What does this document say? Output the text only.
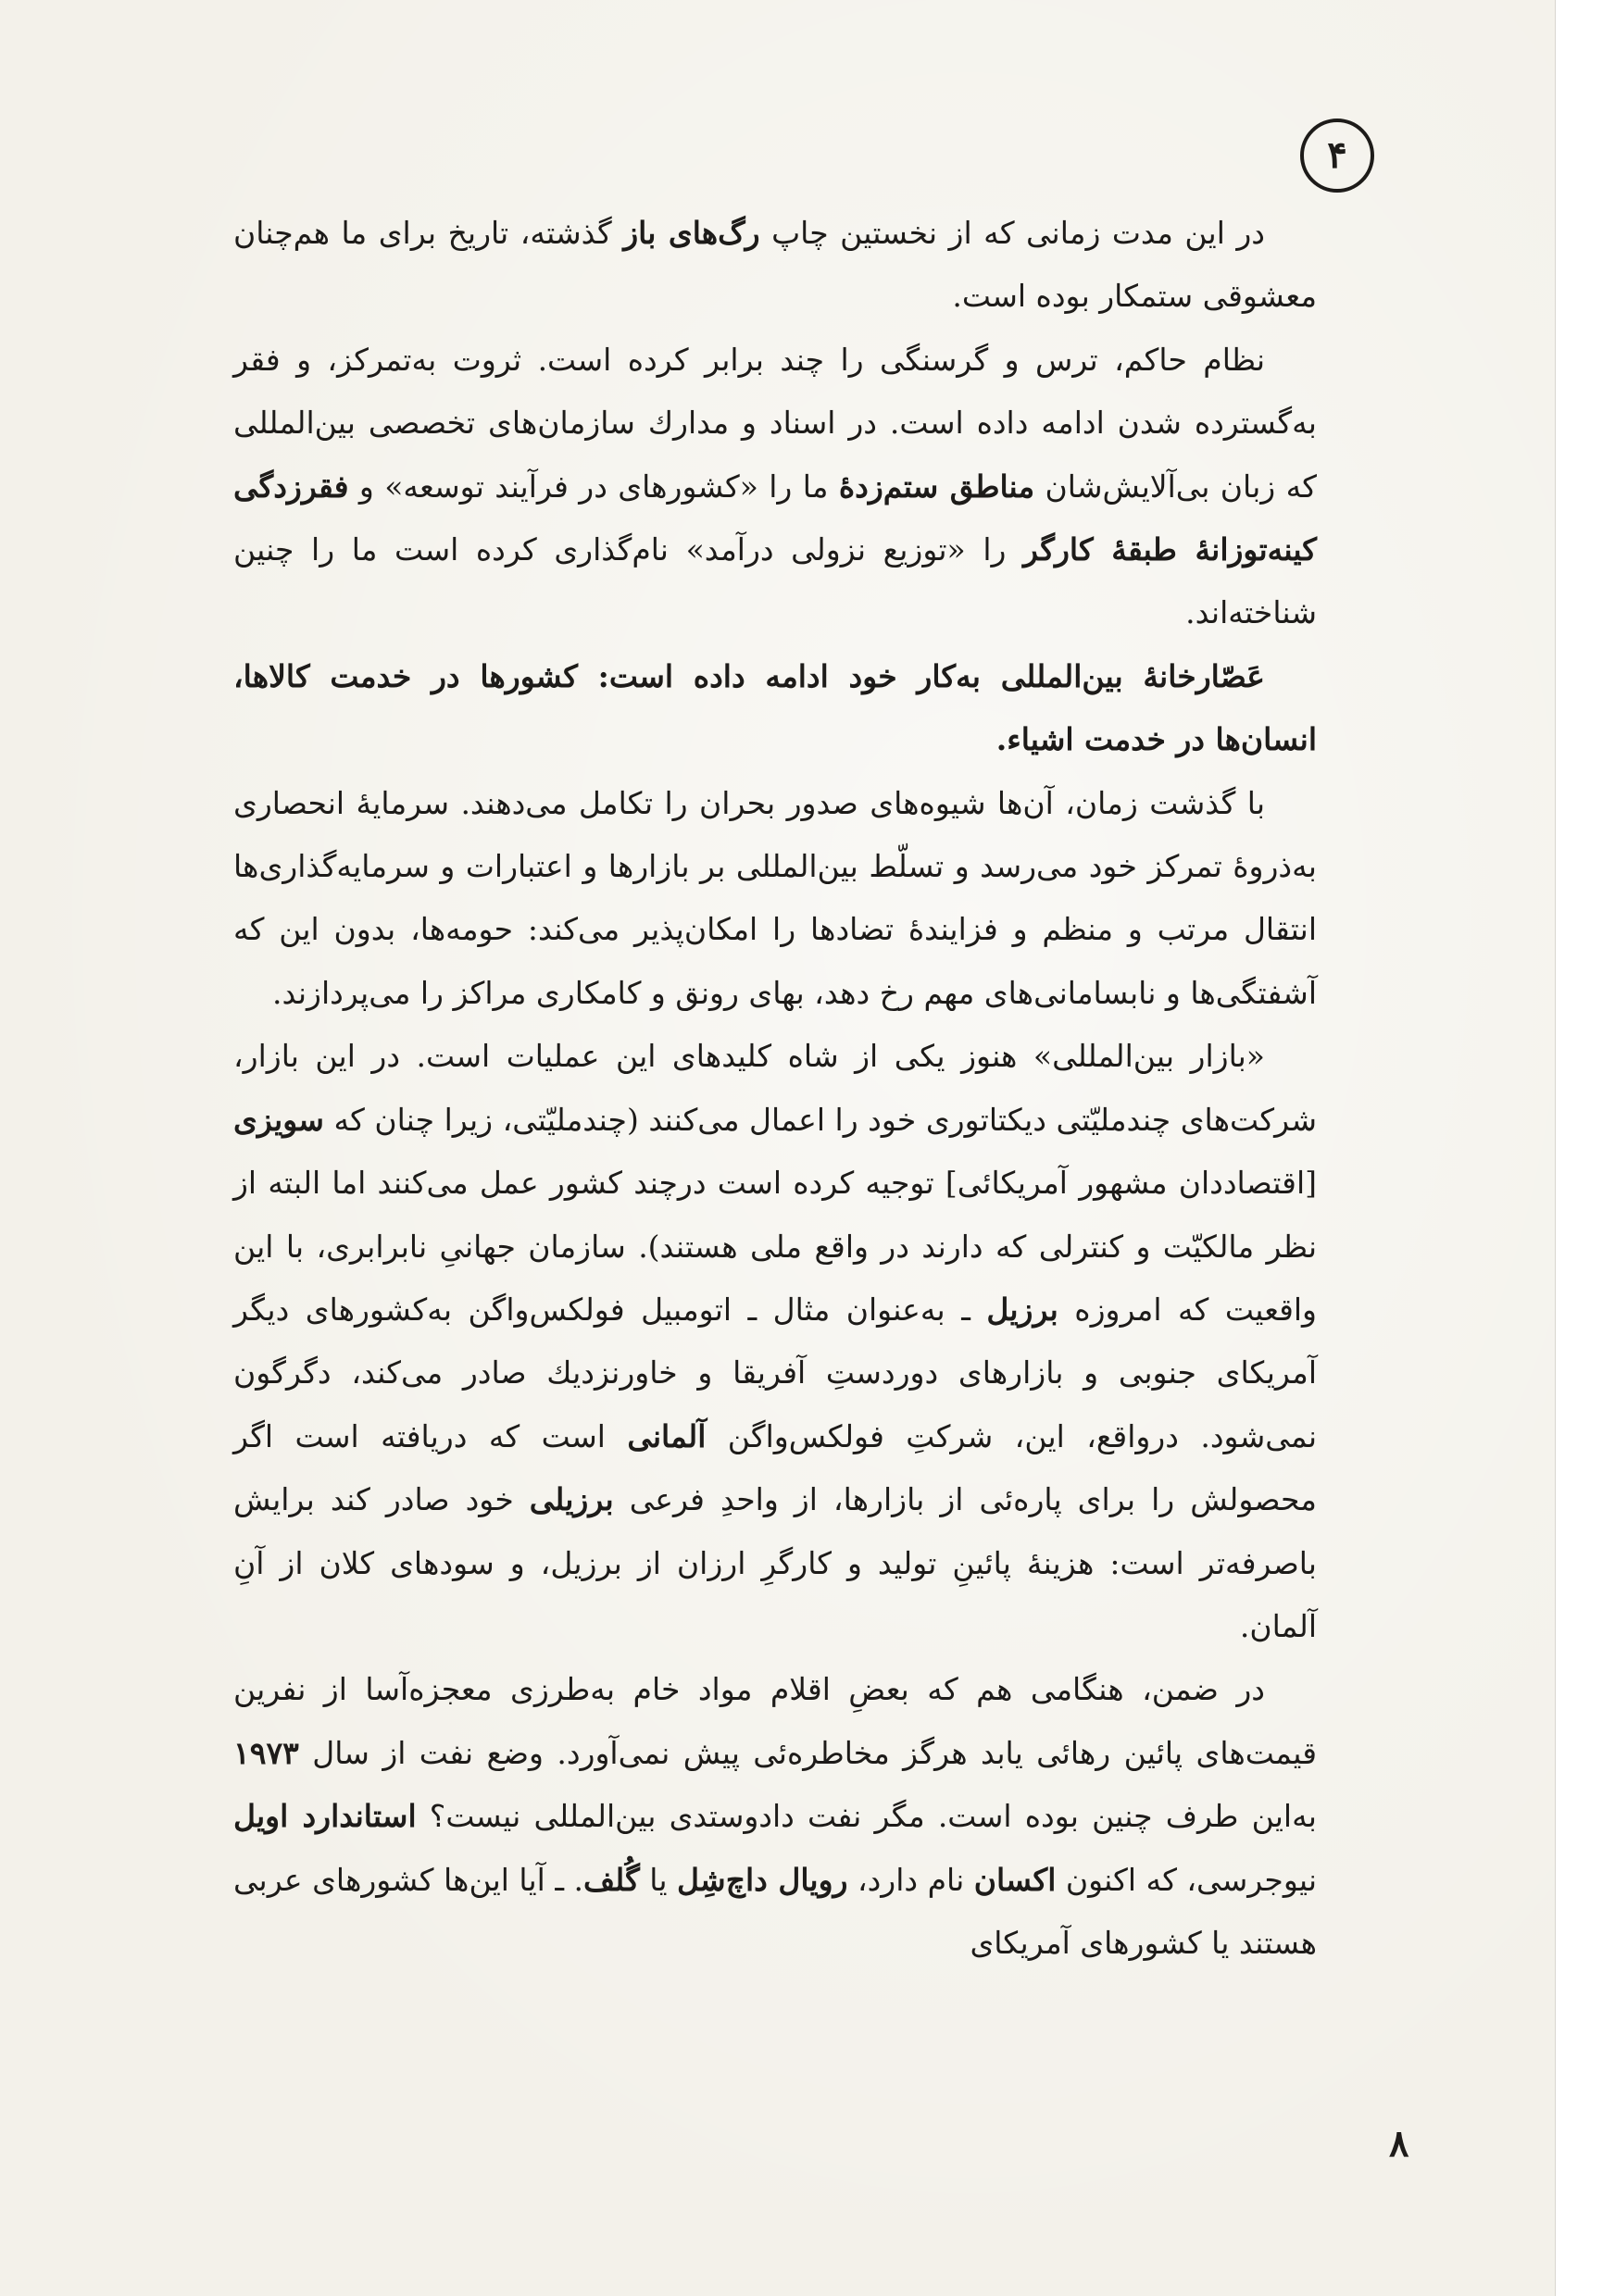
۴

در این مدت زمانی که از نخستین چاپ رگ‌های باز گذشته، تاریخ برای ما هم‌چنان معشوقی ستمکار بوده است.

نظام حاکم، ترس و گرسنگی را چند برابر کرده است. ثروت به‌تمرکز، و فقر به‌گسترده شدن ادامه داده است. در اسناد و مدارك سازمان‌های تخصصی بین‌المللی که زبان بی‌آلایش‌شان مناطق ستم‌زدهٔ ما را «کشورهای در فرآیند توسعه» و فقرزدگی کینه‌توزانهٔ طبقهٔ کارگر را «توزیع نزولی درآمد» نام‌گذاری کرده است ما را چنین شناخته‌اند.

عَصّارخانهٔ بین‌المللی به‌کار خود ادامه داده است: کشورها در خدمت کالاها، انسان‌ها در خدمت اشیاء.

با گذشت زمان، آن‌ها شیوه‌های صدور بحران را تکامل می‌دهند. سرمایهٔ انحصاری به‌ذروهٔ تمرکز خود می‌رسد و تسلّط بین‌المللی بر بازارها و اعتبارات و سرمایه‌گذاری‌ها انتقال مرتب و منظم و فزایندهٔ تضادها را امکان‌پذیر می‌کند: حومه‌ها، بدون این که آشفتگی‌ها و نابسامانی‌های مهم رخ دهد، بهای رونق و کامکاری مراکز را می‌پردازند.

«بازار بین‌المللی» هنوز یکی از شاه کلیدهای این عملیات است. در این بازار، شرکت‌های چندملیّتی دیکتاتوری خود را اعمال می‌کنند (چندملیّتی، زیرا چنان که سویزی [اقتصاددان مشهور آمریکائی] توجیه کرده است درچند کشور عمل می‌کنند اما البته از نظر مالکیّت و کنترلی که دارند در واقع ملی هستند). سازمان جهانیِ نابرابری، با این واقعیت که امروزه برزیل ـ به‌عنوان مثال ـ اتومبیل فولکس‌واگن به‌کشورهای دیگر آمریکای جنوبی و بازارهای دوردستِ آفریقا و خاورنزدیك صادر می‌کند، دگرگون نمی‌شود. درواقع، این، شرکتِ فولکس‌واگن آلمانی است که دریافته است اگر محصولش را برای پاره‌ئی از بازارها، از واحدِ فرعی برزیلی خود صادر کند برایش باصرفه‌تر است: هزینهٔ پائینِ تولید و کارگرِ ارزان از برزیل، و سودهای کلان از آنِ آلمان.

در ضمن، هنگامی هم که بعضِ اقلام مواد خام به‌طرزی معجزه‌آسا از نفرین قیمت‌های پائین رهائی یابد هرگز مخاطره‌ئی پیش نمی‌آورد. وضع نفت از سال ۱۹۷۳ به‌این طرف چنین بوده است. مگر نفت دادوستدی بین‌المللی نیست؟ استاندارد اویل نیوجرسی، که اکنون اکسان نام دارد، رویال داچ‌شِل یا گُلف. ـ آیا این‌ها کشورهای عربی هستند یا کشورهای آمریکای

۸
